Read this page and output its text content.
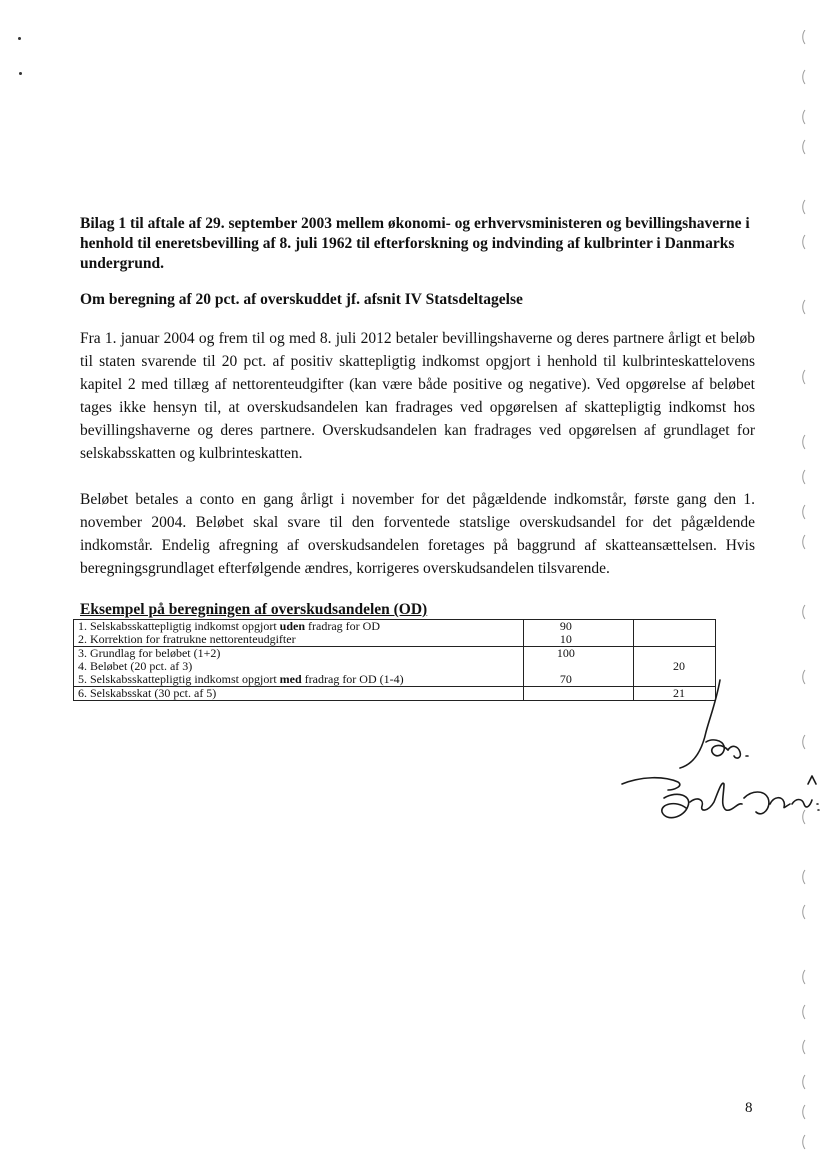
Bilag 1 til aftale af 29. september 2003 mellem økonomi- og erhvervsministeren og bevillingshaverne i henhold til eneretsbevilling af 8. juli 1962 til efterforskning og indvinding af kulbrinter i Danmarks undergrund.

Om beregning af 20 pct. af overskuddet jf. afsnit IV Statsdeltagelse

Fra 1. januar 2004 og frem til og med 8. juli 2012 betaler bevillingshaverne og deres partnere årligt et beløb til staten svarende til 20 pct. af positiv skattepligtig indkomst opgjort i henhold til kulbrinteskattelovens kapitel 2 med tillæg af nettorenteudgifter (kan være både positive og negative). Ved opgørelse af beløbet tages ikke hensyn til, at overskudsandelen kan fradrages ved opgørelsen af skattepligtig indkomst hos bevillingshaverne og deres partnere. Overskudsandelen kan fradrages ved opgørelsen af grundlaget for selskabsskatten og kulbrinteskatten.

Beløbet betales a conto en gang årligt i november for det pågældende indkomstår, første gang den 1. november 2004. Beløbet skal svare til den forventede statslige overskudsandel for det pågældende indkomstår. Endelig afregning af overskudsandelen foretages på baggrund af skatteansættelsen. Hvis beregningsgrundlaget efterfølgende ændres, korrigeres overskudsandelen tilsvarende.

Eksempel på beregningen af overskudsandelen (OD)

1. Selskabsskattepligtig indkomst opgjort uden fradrag for OD	90	
2. Korrektion for fratrukne nettorenteudgifter	10	
3. Grundlag for beløbet (1+2)	100	
4. Beløbet (20 pct. af 3)		20
5. Selskabsskattepligtig indkomst opgjort med fradrag for OD (1-4)	70	
6. Selskabsskat (30 pct. af 5)		21
8
